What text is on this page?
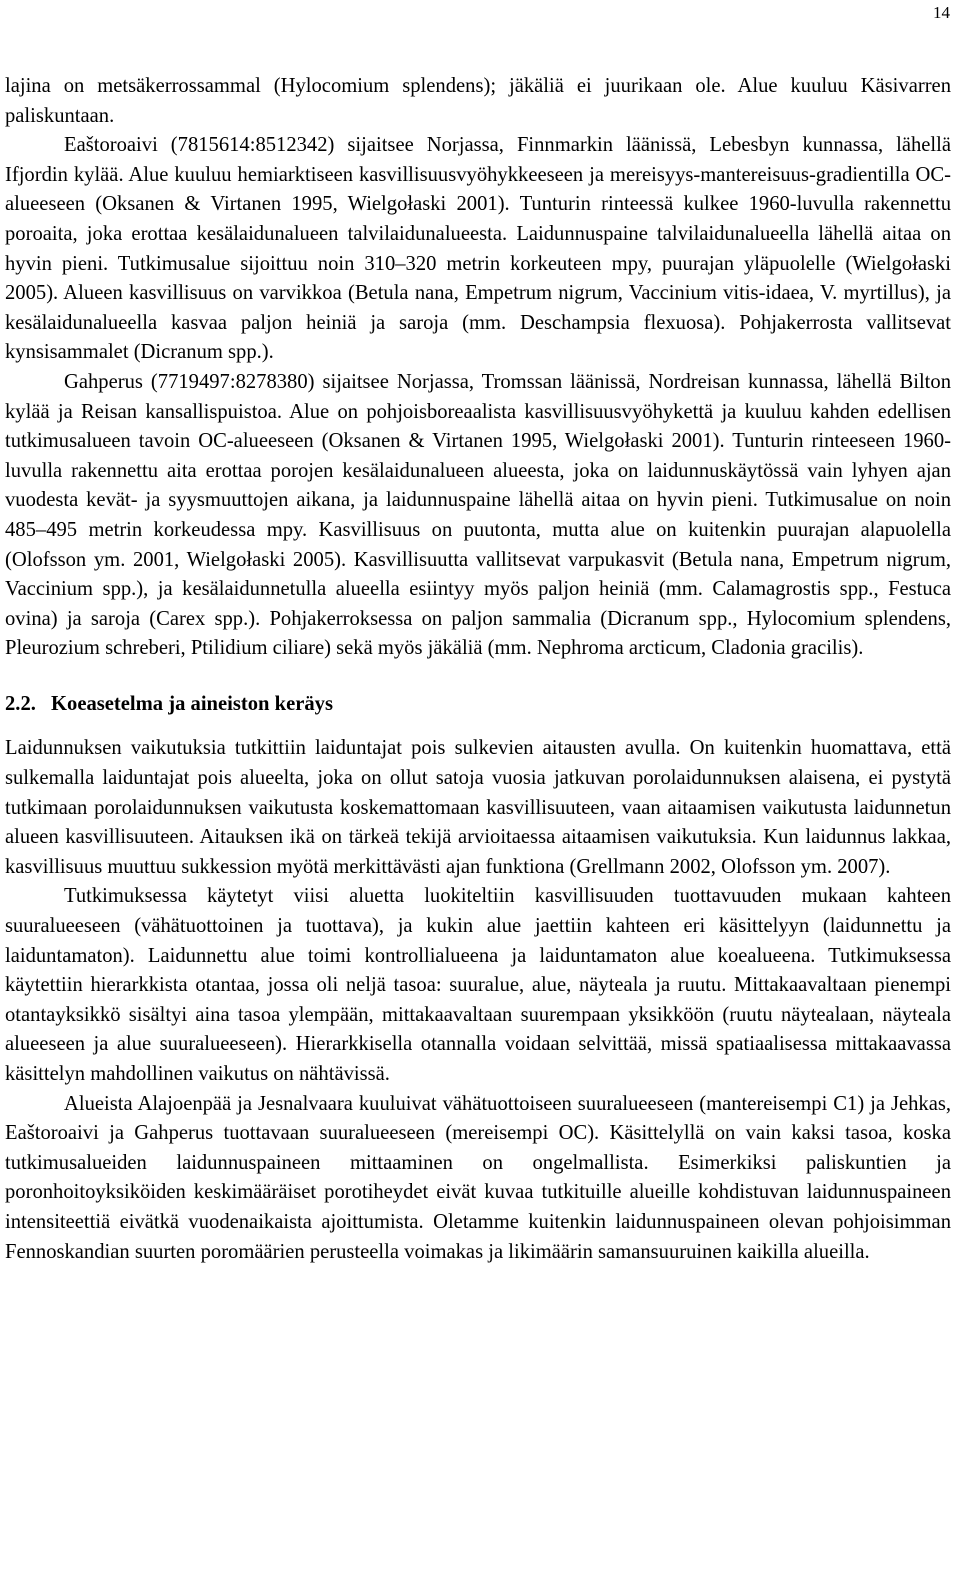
14

lajina on metsäkerrossammal (Hylocomium splendens); jäkäliä ei juurikaan ole. Alue kuuluu Käsivarren paliskuntaan.

Eaštoroaivi (7815614:8512342) sijaitsee Norjassa, Finnmarkin läänissä, Lebesbyn kunnassa, lähellä Ifjordin kylää. Alue kuuluu hemiarktiseen kasvillisuusvyöhykkeeseen ja mereisyys-mantereisuus-gradientilla OC-alueeseen (Oksanen & Virtanen 1995, Wielgołaski 2001). Tunturin rinteessä kulkee 1960-luvulla rakennettu poroaita, joka erottaa kesälaidunalueen talvilaidunalueesta. Laidunnuspaine talvilaidunalueella lähellä aitaa on hyvin pieni. Tutkimusalue sijoittuu noin 310–320 metrin korkeuteen mpy, puurajan yläpuolelle (Wielgołaski 2005). Alueen kasvillisuus on varvikkoa (Betula nana, Empetrum nigrum, Vaccinium vitis-idaea, V. myrtillus), ja kesälaidunalueella kasvaa paljon heiniä ja saroja (mm. Deschampsia flexuosa). Pohjakerrosta vallitsevat kynsisammalet (Dicranum spp.).

Gahperus (7719497:8278380) sijaitsee Norjassa, Tromssan läänissä, Nordreisan kunnassa, lähellä Bilton kylää ja Reisan kansallispuistoa. Alue on pohjoisboreaalista kasvillisuusvyöhykettä ja kuuluu kahden edellisen tutkimusalueen tavoin OC-alueeseen (Oksanen & Virtanen 1995, Wielgołaski 2001). Tunturin rinteeseen 1960-luvulla rakennettu aita erottaa porojen kesälaidunalueen alueesta, joka on laidunnuskäytössä vain lyhyen ajan vuodesta kevät- ja syysmuuttojen aikana, ja laidunnuspaine lähellä aitaa on hyvin pieni. Tutkimusalue on noin 485–495 metrin korkeudessa mpy. Kasvillisuus on puutonta, mutta alue on kuitenkin puurajan alapuolella (Olofsson ym. 2001, Wielgołaski 2005). Kasvillisuutta vallitsevat varpukasvit (Betula nana, Empetrum nigrum, Vaccinium spp.), ja kesälaidunnetulla alueella esiintyy myös paljon heiniä (mm. Calamagrostis spp., Festuca ovina) ja saroja (Carex spp.). Pohjakerroksessa on paljon sammalia (Dicranum spp., Hylocomium splendens, Pleurozium schreberi, Ptilidium ciliare) sekä myös jäkäliä (mm. Nephroma arcticum, Cladonia gracilis).

2.2. Koeasetelma ja aineiston keräys

Laidunnuksen vaikutuksia tutkittiin laiduntajat pois sulkevien aitausten avulla. On kuitenkin huomattava, että sulkemalla laiduntajat pois alueelta, joka on ollut satoja vuosia jatkuvan porolaidunnuksen alaisena, ei pystytä tutkimaan porolaidunnuksen vaikutusta koskemattomaan kasvillisuuteen, vaan aitaamisen vaikutusta laidunnetun alueen kasvillisuuteen. Aitauksen ikä on tärkeä tekijä arvioitaessa aitaamisen vaikutuksia. Kun laidunnus lakkaa, kasvillisuus muuttuu sukkession myötä merkittävästi ajan funktiona (Grellmann 2002, Olofsson ym. 2007).

Tutkimuksessa käytetyt viisi aluetta luokiteltiin kasvillisuuden tuottavuuden mukaan kahteen suuralueeseen (vähätuottoinen ja tuottava), ja kukin alue jaettiin kahteen eri käsittelyyn (laidunnettu ja laiduntamaton). Laidunnettu alue toimi kontrollialueena ja laiduntamaton alue koealueena. Tutkimuksessa käytettiin hierarkkista otantaa, jossa oli neljä tasoa: suuralue, alue, näyteala ja ruutu. Mittakaavaltaan pienempi otantayksikkö sisältyi aina tasoa ylempään, mittakaavaltaan suurempaan yksikköön (ruutu näytealaan, näyteala alueeseen ja alue suuralueeseen). Hierarkkisella otannalla voidaan selvittää, missä spatiaalisessa mittakaavassa käsittelyn mahdollinen vaikutus on nähtävissä.

Alueista Alajoenpää ja Jesnalvaara kuuluivat vähätuottoiseen suuralueeseen (mantereisempi C1) ja Jehkas, Eaštoroaivi ja Gahperus tuottavaan suuralueeseen (mereisempi OC). Käsittelyllä on vain kaksi tasoa, koska tutkimusalueiden laidunnuspaineen mittaaminen on ongelmallista. Esimerkiksi paliskuntien ja poronhoitoyksiköiden keskimääräiset porotiheydet eivät kuvaa tutkituille alueille kohdistuvan laidunnuspaineen intensiteettiä eivätkä vuodenaikaista ajoittumista. Oletamme kuitenkin laidunnuspaineen olevan pohjoisimman Fennoskandian suurten poromäärien perusteella voimakas ja likimäärin samansuuruinen kaikilla alueilla.
